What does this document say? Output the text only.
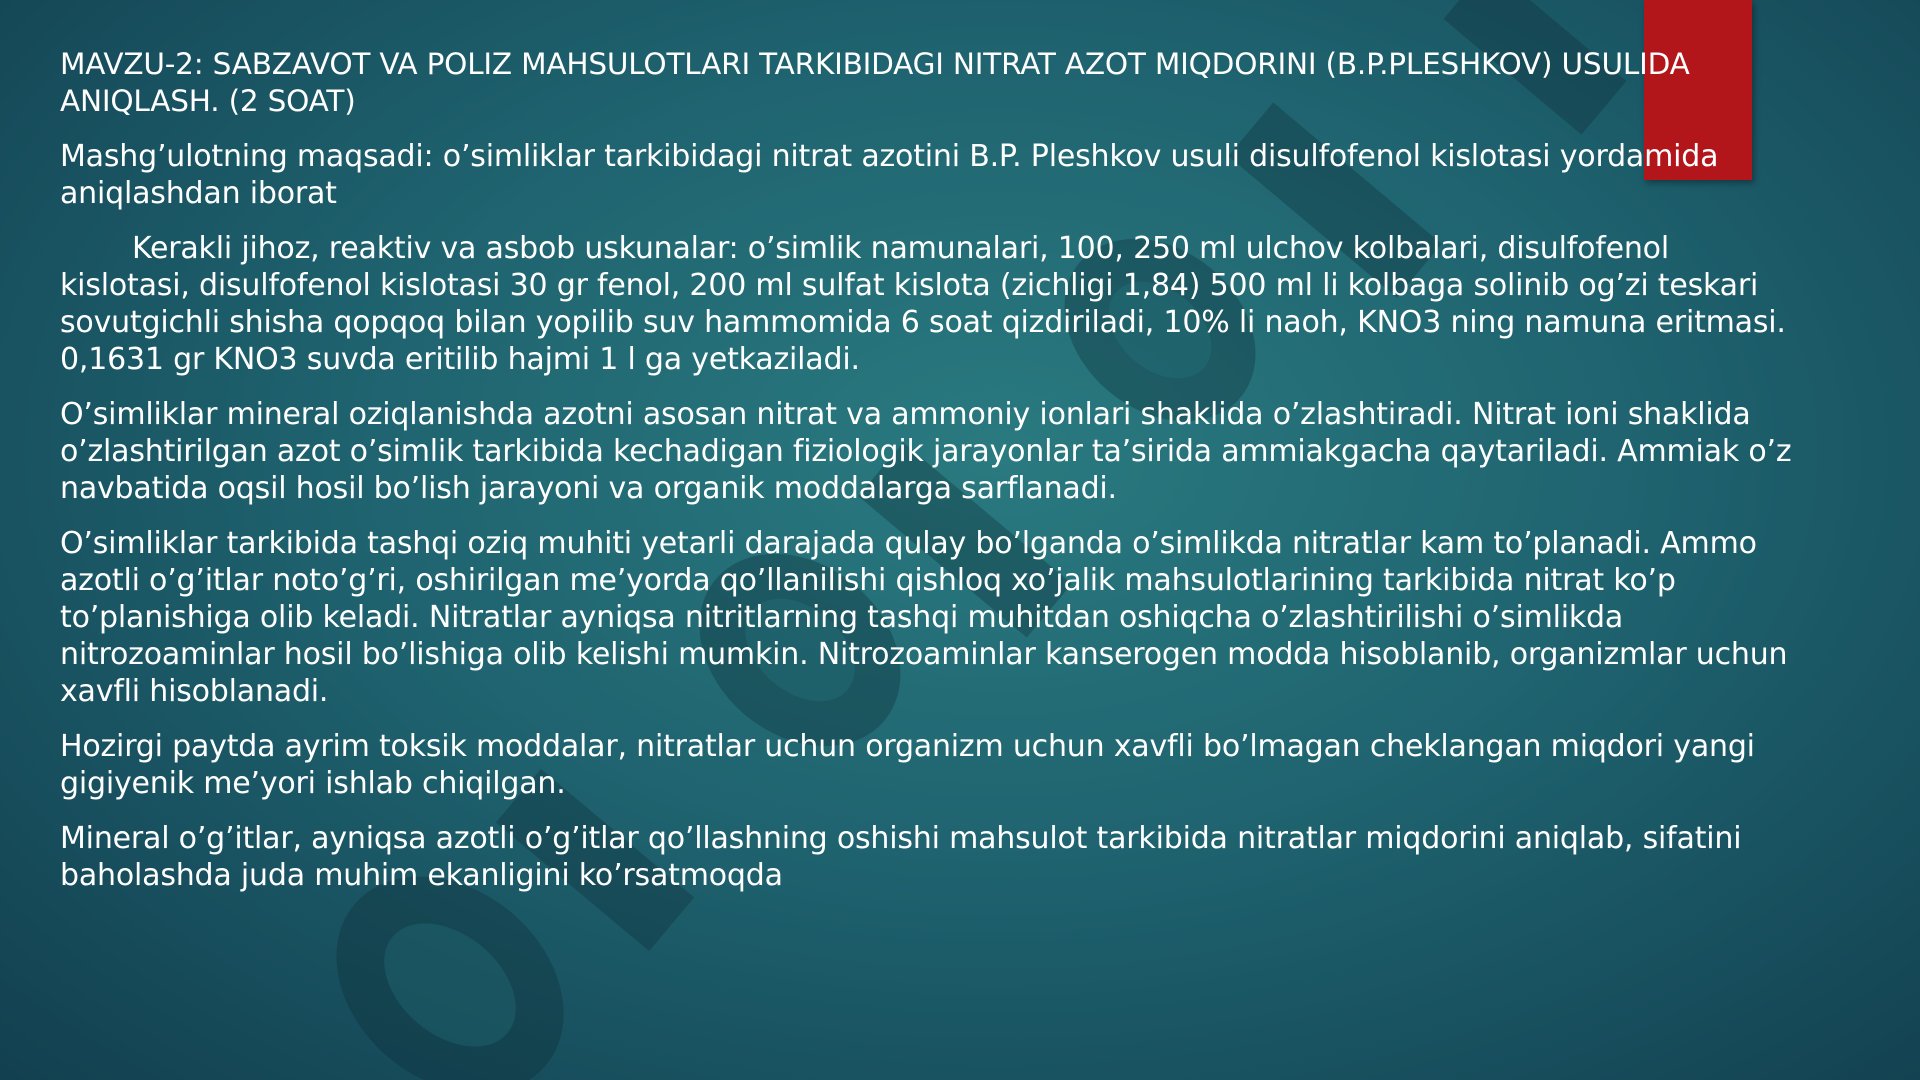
MAVZU-2: SABZAVOT VA POLIZ MAHSULOTLARI TARKIBIDAGI NITRAT AZOT MIQDORINI (B.P.PLESHKOV) USULIDA ANIQLASH. (2 SOAT)

Mashg’ulotning maqsadi: o’simliklar tarkibidagi nitrat azotini B.P. Pleshkov usuli disulfofenol kislotasi yordamida aniqlashdan iborat

Kerakli jihoz, reaktiv va asbob uskunalar: o’simlik namunalari, 100, 250 ml ulchov kolbalari, disulfofenol kislotasi, disulfofenol kislotasi 30 gr fenol, 200 ml sulfat kislota (zichligi 1,84) 500 ml li kolbaga solinib og’zi teskari sovutgichli shisha qopqoq bilan yopilib suv hammomida 6 soat qizdiriladi, 10% li naoh, KNO3 ning namuna eritmasi. 0,1631 gr KNO3 suvda eritilib hajmi 1 l ga yetkaziladi.

O’simliklar mineral oziqlanishda azotni asosan nitrat va ammoniy ionlari shaklida o’zlashtiradi. Nitrat ioni shaklida o’zlashtirilgan azot o’simlik tarkibida kechadigan fiziologik jarayonlar ta’sirida ammiakgacha qaytariladi. Ammiak o’z navbatida oqsil hosil bo’lish jarayoni va organik moddalarga sarflanadi.

O’simliklar tarkibida tashqi oziq muhiti yetarli darajada qulay bo’lganda o’simlikda nitratlar kam to’planadi. Ammo azotli o’g’itlar noto’g’ri, oshirilgan me’yorda qo’llanilishi qishloq xo’jalik mahsulotlarining tarkibida nitrat ko’p to’planishiga olib keladi. Nitratlar ayniqsa nitritlarning tashqi muhitdan oshiqcha o’zlashtirilishi o’simlikda nitrozoaminlar hosil bo’lishiga olib kelishi mumkin. Nitrozoaminlar kanserogen modda hisoblanib, organizmlar uchun xavfli hisoblanadi.

Hozirgi paytda ayrim toksik moddalar, nitratlar uchun organizm uchun xavfli bo’lmagan cheklangan miqdori yangi gigiyenik me’yori ishlab chiqilgan.

Mineral o’g’itlar, ayniqsa azotli o’g’itlar qo’llashning oshishi mahsulot tarkibida nitratlar miqdorini aniqlab, sifatini baholashda juda muhim ekanligini ko’rsatmoqda
